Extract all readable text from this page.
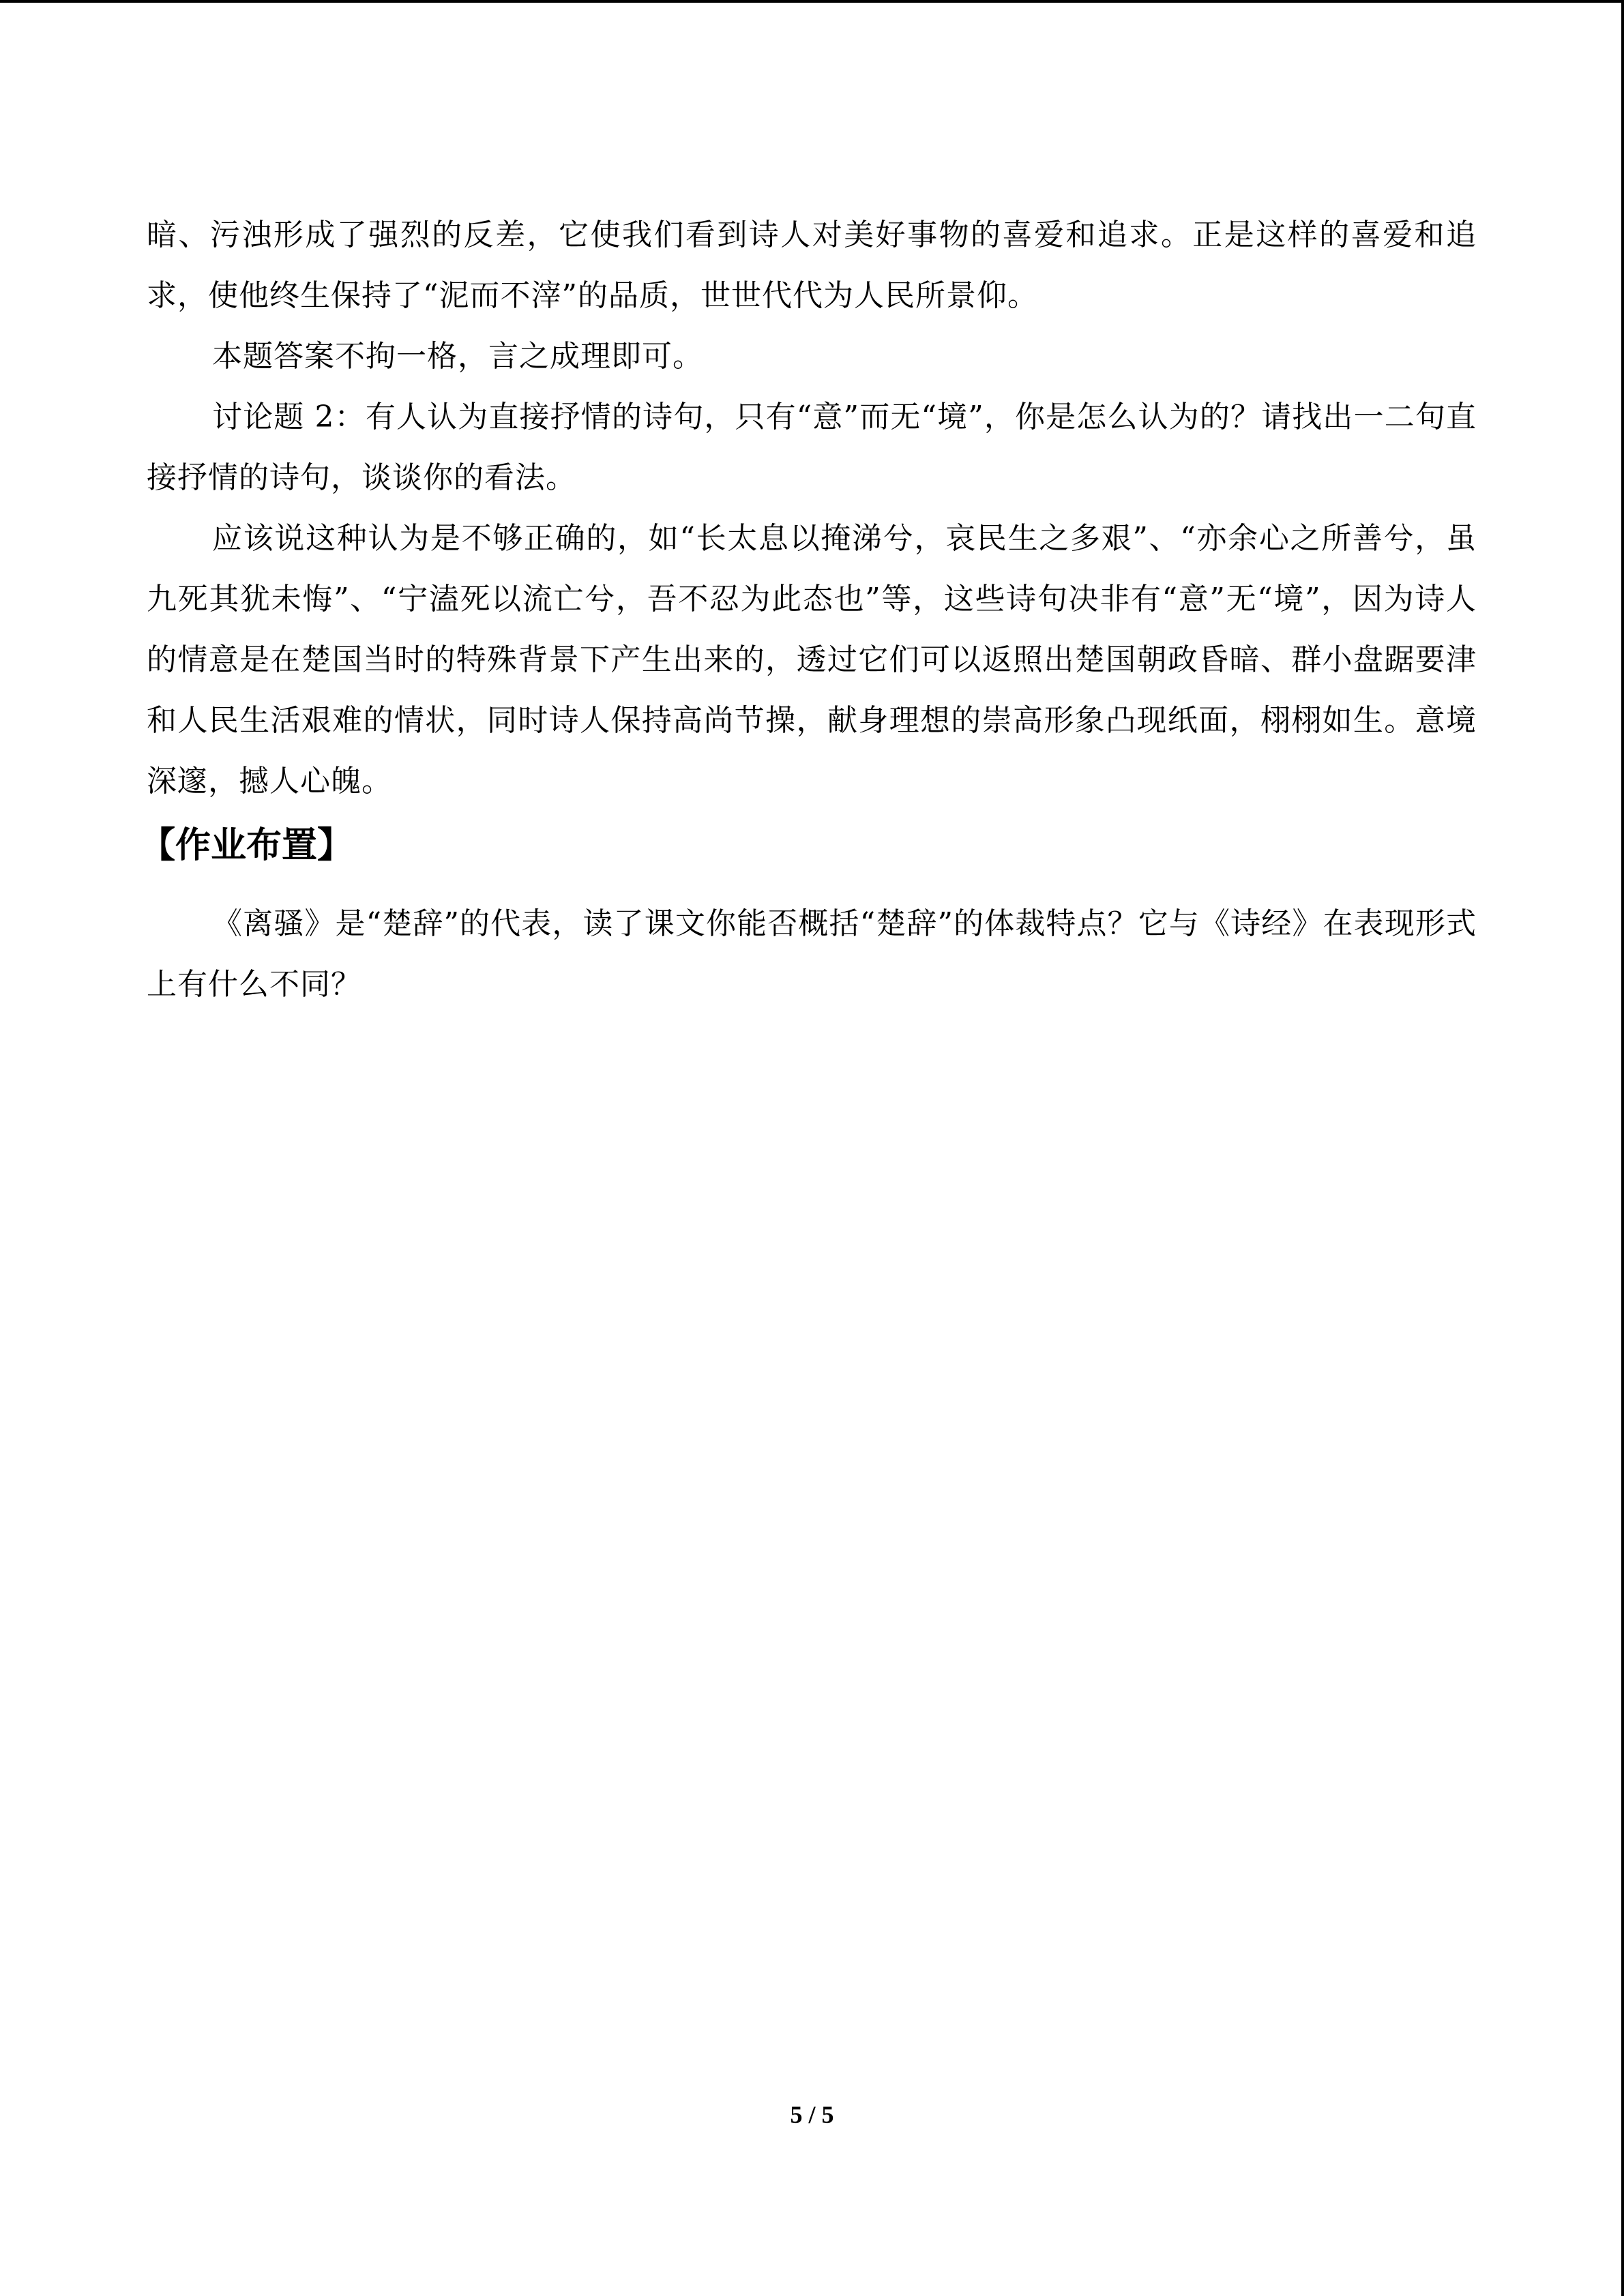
暗、污浊形成了强烈的反差，它使我们看到诗人对美好事物的喜爱和追求。正是这样的喜爱和追求，使他终生保持了“泥而不滓”的品质，世世代代为人民所景仰。

本题答案不拘一格，言之成理即可。

讨论题 2：有人认为直接抒情的诗句，只有“意”而无“境”，你是怎么认为的？请找出一二句直接抒情的诗句，谈谈你的看法。

应该说这种认为是不够正确的，如“长太息以掩涕兮，哀民生之多艰”、“亦余心之所善兮，虽九死其犹未悔”、“宁溘死以流亡兮，吾不忍为此态也”等，这些诗句决非有“意”无“境”，因为诗人的情意是在楚国当时的特殊背景下产生出来的，透过它们可以返照出楚国朝政昏暗、群小盘踞要津和人民生活艰难的情状，同时诗人保持高尚节操，献身理想的崇高形象凸现纸面，栩栩如生。意境深邃，撼人心魄。

【作业布置】

《离骚》是“楚辞”的代表，读了课文你能否概括“楚辞”的体裁特点？它与《诗经》在表现形式上有什么不同？

5 / 5
